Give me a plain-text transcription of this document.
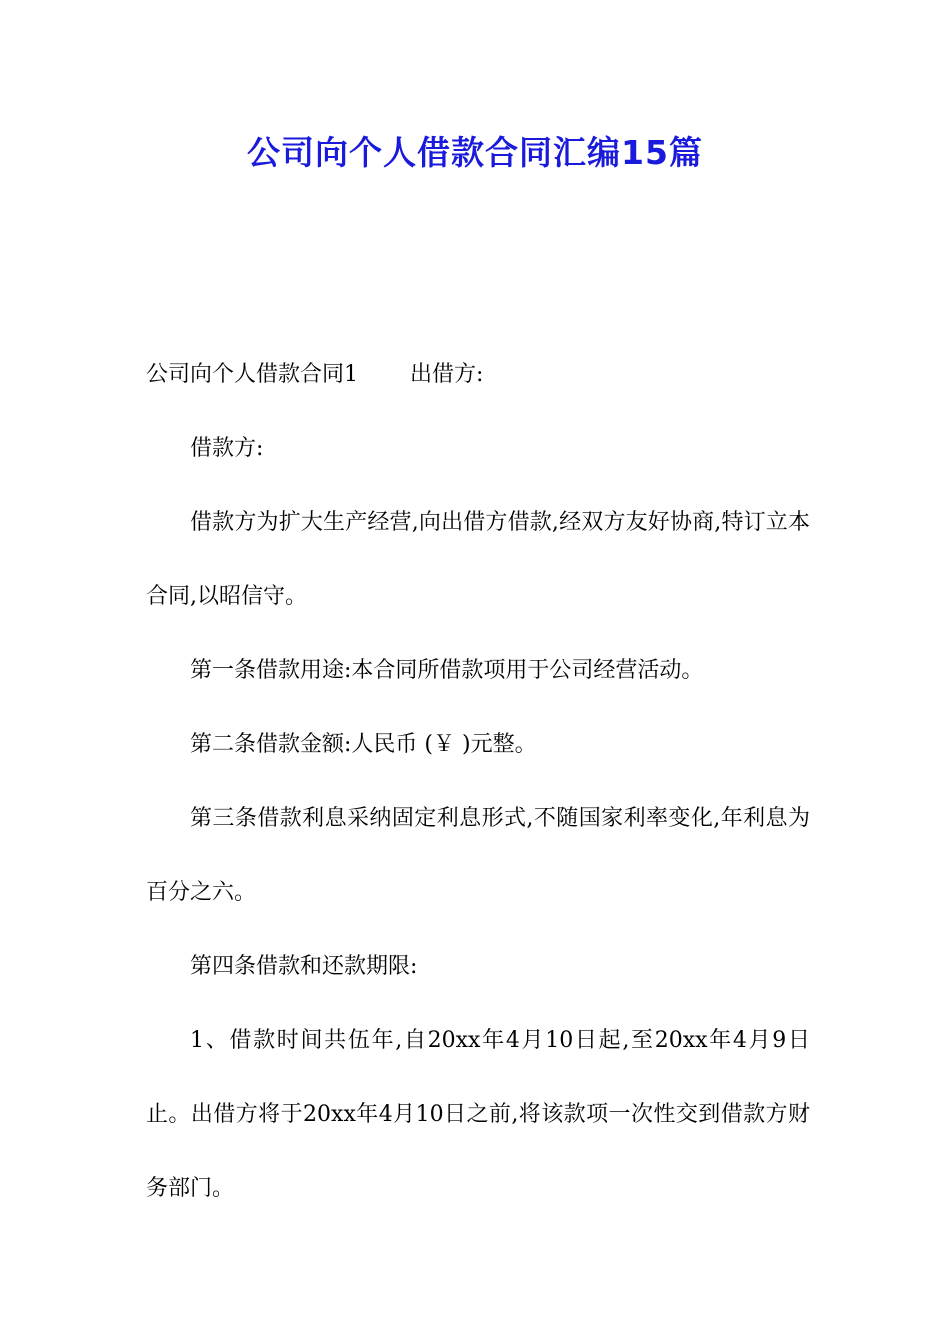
公司向个人借款合同汇编15篇

公司向个人借款合同1 出借方:

借款方:

借款方为扩大生产经营,向出借方借款,经双方友好协商,特订立本合同,以昭信守。

第一条借款用途:本合同所借款项用于公司经营活动。

第二条借款金额:人民币 (￥ )元整。

第三条借款利息采纳固定利息形式,不随国家利率变化,年利息为百分之六。

第四条借款和还款期限:

1、借款时间共伍年,自20xx年4月10日起,至20xx年4月9日止。出借方将于20xx年4月10日之前,将该款项一次性交到借款方财务部门。
